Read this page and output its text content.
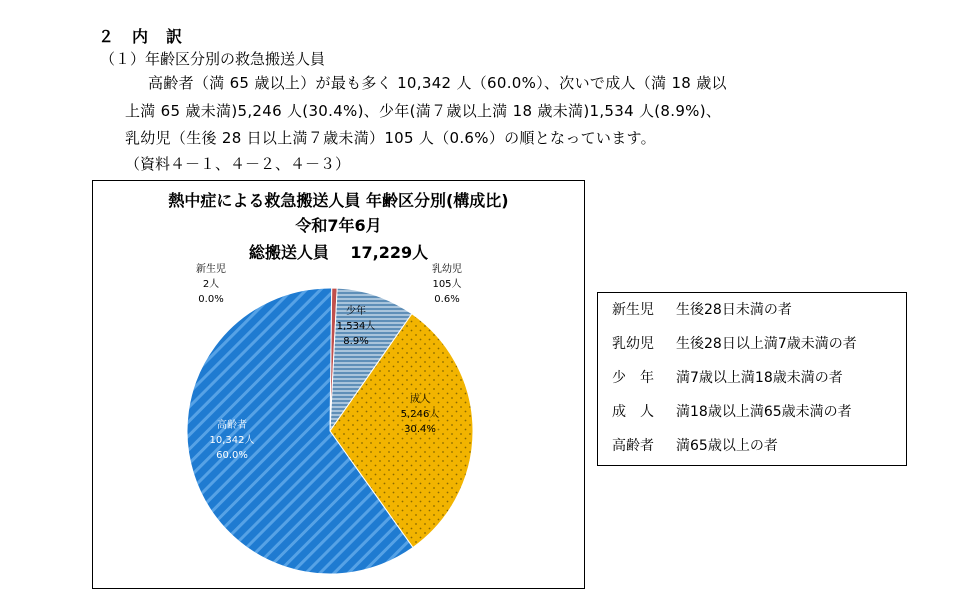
２　内　訳
（１）年齢区分別の救急搬送人員
高齢者（満 65 歳以上）が最も多く 10,342 人（60.0%）、次いで成人（満 18 歳以
上満 65 歳未満)5,246 人(30.4%)、少年(満７歳以上満 18 歳未満)1,534 人(8.9%)、
乳幼児（生後 28 日以上満７歳未満）105 人（0.6%）の順となっています。
（資料４－１、４－２、４－３）
熱中症による救急搬送人員 年齢区分別(構成比)
令和7年6月
総搬送人員　 17,229人
新生児
2人
0.0%
乳幼児
105人
0.6%
少年
1,534人
8.9%
成人
5,246人
30.4%
高齢者
10,342人
60.0%
新生児 生後28日未満の者
乳幼児 生後28日以上満7歳未満の者
少　年 満7歳以上満18歳未満の者
成　人 満18歳以上満65歳未満の者
高齢者 満65歳以上の者
